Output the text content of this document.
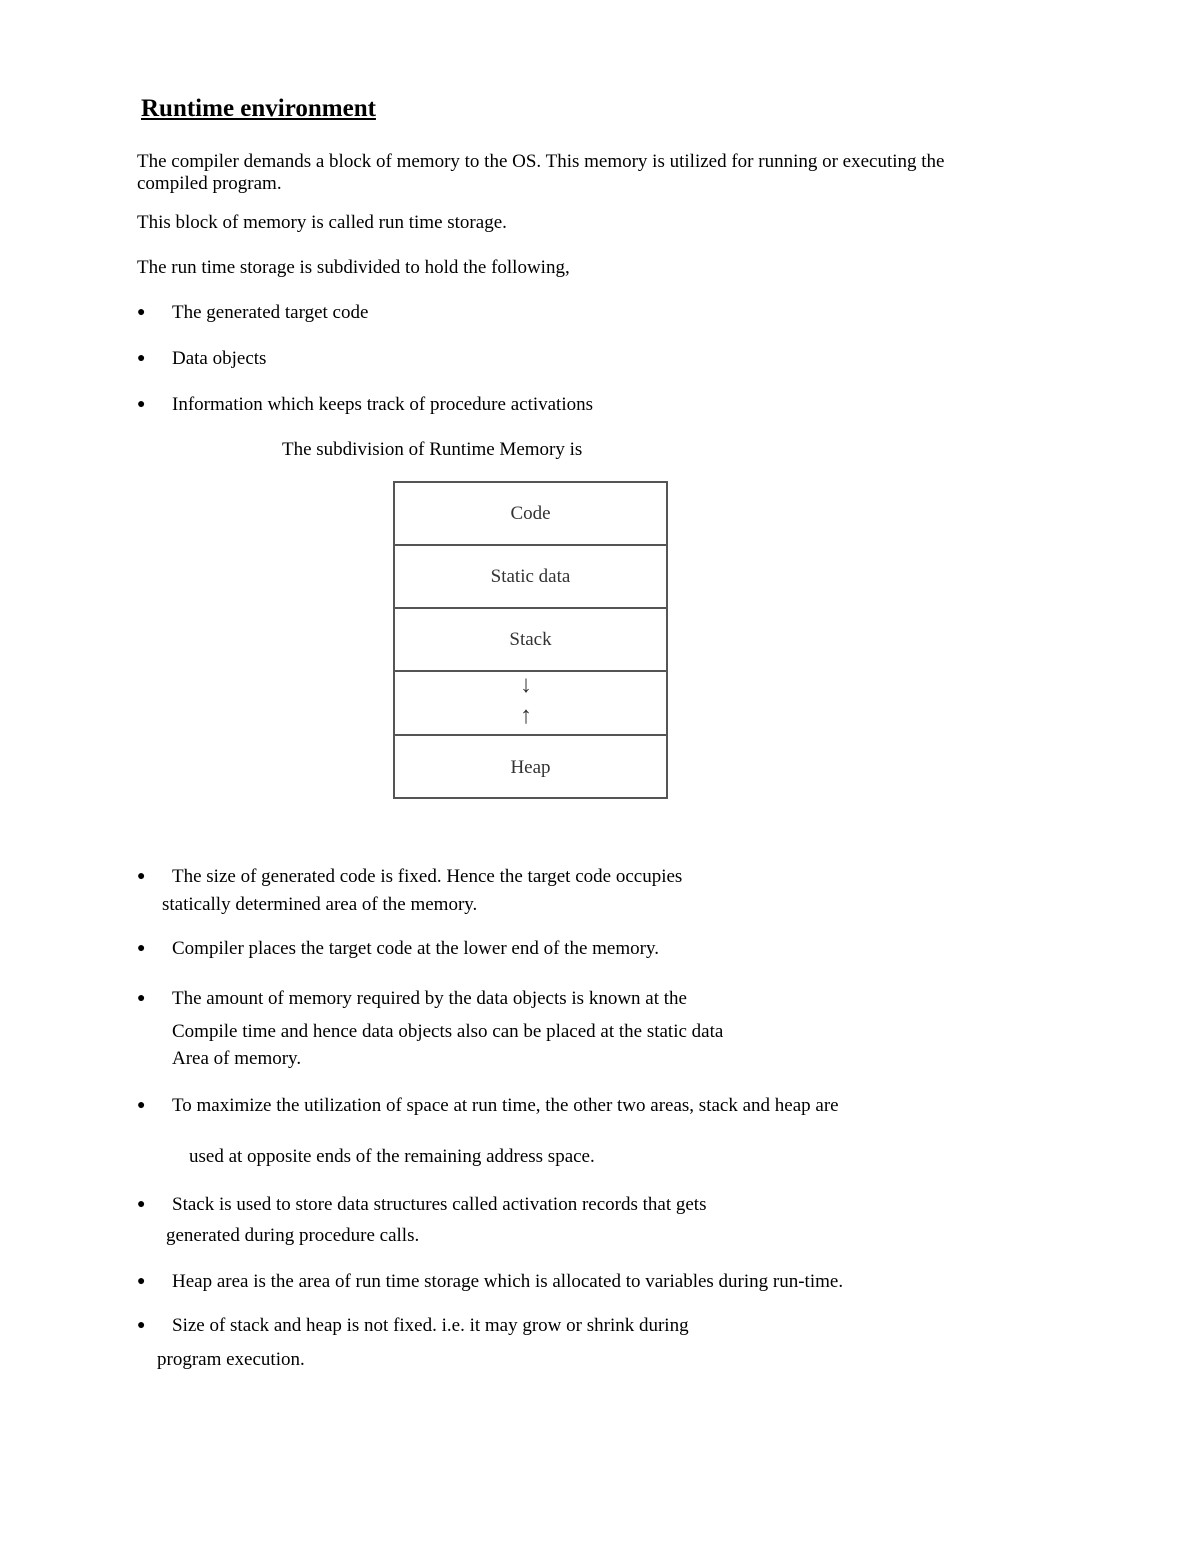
Runtime environment
The compiler demands a block of memory to the OS. This memory is utilized for running or executing the
compiled program.
This block of memory is called run time storage.
The run time storage is subdivided to hold the following,
● The generated target code
● Data objects
● Information which keeps track of procedure activations
The subdivision of Runtime Memory is
Code
Static data
Stack
↓
↑
Heap
● The size of generated code is fixed. Hence the target code occupies
statically determined area of the memory.
● Compiler places the target code at the lower end of the memory.
● The amount of memory required by the data objects is known at the
Compile time and hence data objects also can be placed at the static data
Area of memory.
● To maximize the utilization of space at run time, the other two areas, stack and heap are
used at opposite ends of the remaining address space.
● Stack is used to store data structures called activation records that gets
generated during procedure calls.
● Heap area is the area of run time storage which is allocated to variables during run-time.
● Size of stack and heap is not fixed. i.e. it may grow or shrink during
program execution.
